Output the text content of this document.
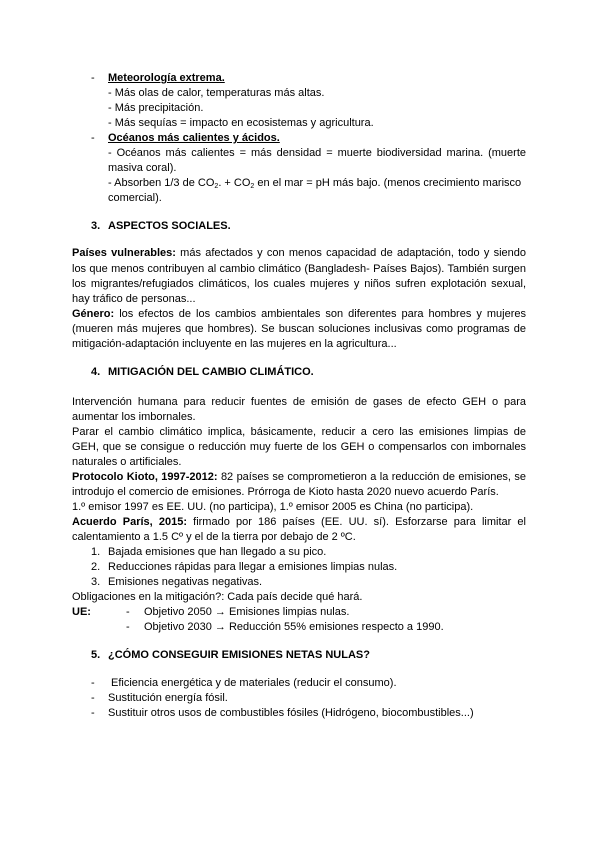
- Meteorología extrema.
- Más olas de calor, temperaturas más altas.
- Más precipitación.
- Más sequías = impacto en ecosistemas y agricultura.
- Océanos más calientes y ácidos.
- Océanos más calientes = más densidad = muerte biodiversidad marina. (muerte
masiva coral).
- Absorben 1/3 de $CO_2$. + $CO_2$ en el mar = pH más bajo. (menos crecimiento marisco
comercial).
3. ASPECTOS SOCIALES.
Países vulnerables: más afectados y con menos capacidad de adaptación, todo y siendo
los que menos contribuyen al cambio climático (Bangladesh- Países Bajos). También surgen
los migrantes/refugiados climáticos, los cuales mujeres y niños sufren explotación sexual,
hay tráfico de personas...
Género: los efectos de los cambios ambientales son diferentes para hombres y mujeres
(mueren más mujeres que hombres). Se buscan soluciones inclusivas como programas de
mitigación-adaptación incluyente en las mujeres en la agricultura...
4. MITIGACIÓN DEL CAMBIO CLIMÁTICO.
Intervención humana para reducir fuentes de emisión de gases de efecto GEH o para
aumentar los imbornales.
Parar el cambio climático implica, básicamente, reducir a cero las emisiones limpias de
GEH, que se consigue o reducción muy fuerte de los GEH o compensarlos con imbornales
naturales o artificiales.
Protocolo Kioto, 1997-2012: 82 países se comprometieron a la reducción de emisiones, se
introdujo el comercio de emisiones. Prórroga de Kioto hasta 2020 nuevo acuerdo París.
1.º emisor 1997 es EE. UU. (no participa), 1.º emisor 2005 es China (no participa).
Acuerdo París, 2015: firmado por 186 países (EE. UU. sí). Esforzarse para limitar el
calentamiento a 1.5 Cº y el de la tierra por debajo de 2 ºC.
1. Bajada emisiones que han llegado a su pico.
2. Reducciones rápidas para llegar a emisiones limpias nulas.
3. Emisiones negativas negativas.
Obligaciones en la mitigación?: Cada país decide qué hará.
UE:	- Objetivo 2050 → Emisiones limpias nulas.
- Objetivo 2030 → Reducción 55% emisiones respecto a 1990.
5. ¿CÓMO CONSEGUIR EMISIONES NETAS NULAS?
- Eficiencia energética y de materiales (reducir el consumo).
- Sustitución energía fósil.
- Sustituir otros usos de combustibles fósiles (Hidrógeno, biocombustibles...)
